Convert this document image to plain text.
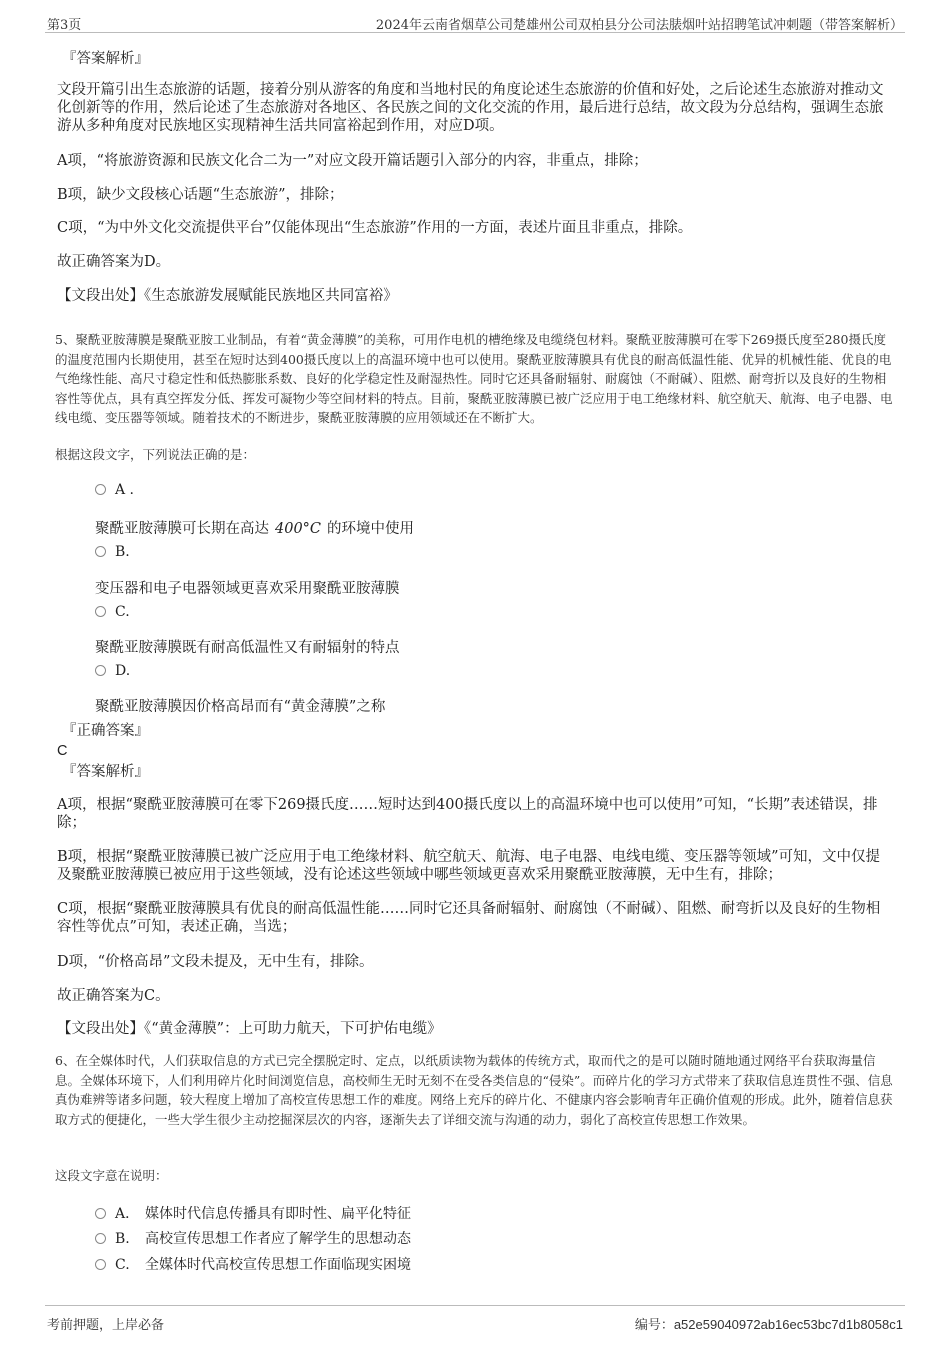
第3页	2024年云南省烟草公司楚雄州公司双柏县分公司法脿烟叶站招聘笔试冲刺题（带答案解析）

『答案解析』

文段开篇引出生态旅游的话题，接着分别从游客的角度和当地村民的角度论述生态旅游的价值和好处，之后论述生态旅游对推动文化创新等的作用，然后论述了生态旅游对各地区、各民族之间的文化交流的作用，最后进行总结，故文段为分总结构，强调生态旅游从多种角度对民族地区实现精神生活共同富裕起到作用，对应D项。

A项，“将旅游资源和民族文化合二为一”对应文段开篇话题引入部分的内容，非重点，排除；

B项，缺少文段核心话题“生态旅游”，排除；

C项，“为中外文化交流提供平台”仅能体现出“生态旅游”作用的一方面，表述片面且非重点，排除。

故正确答案为D。

【文段出处】《生态旅游发展赋能民族地区共同富裕》

5、聚酰亚胺薄膜是聚酰亚胺工业制品，有着“黄金薄膜”的美称，可用作电机的槽绝缘及电缆绕包材料。聚酰亚胺薄膜可在零下269摄氏度至280摄氏度的温度范围内长期使用，甚至在短时达到400摄氏度以上的高温环境中也可以使用。聚酰亚胺薄膜具有优良的耐高低温性能、优异的机械性能、优良的电气绝缘性能、高尺寸稳定性和低热膨胀系数、良好的化学稳定性及耐湿热性。同时它还具备耐辐射、耐腐蚀（不耐碱）、阻燃、耐弯折以及良好的生物相容性等优点，具有真空挥发分低、挥发可凝物少等空间材料的特点。目前，聚酰亚胺薄膜已被广泛应用于电工绝缘材料、航空航天、航海、电子电器、电线电缆、变压器等领域。随着技术的不断进步，聚酰亚胺薄膜的应用领域还在不断扩大。

根据这段文字，下列说法正确的是：

A .

聚酰亚胺薄膜可长期在高达 400°C 的环境中使用

B.

变压器和电子电器领域更喜欢采用聚酰亚胺薄膜

C.

聚酰亚胺薄膜既有耐高低温性又有耐辐射的特点

D.

聚酰亚胺薄膜因价格高昂而有“黄金薄膜”之称

『正确答案』

C

『答案解析』

A项，根据“聚酰亚胺薄膜可在零下269摄氏度……短时达到400摄氏度以上的高温环境中也可以使用”可知，“长期”表述错误，排除；

B项，根据“聚酰亚胺薄膜已被广泛应用于电工绝缘材料、航空航天、航海、电子电器、电线电缆、变压器等领域”可知，文中仅提及聚酰亚胺薄膜已被应用于这些领域，没有论述这些领域中哪些领域更喜欢采用聚酰亚胺薄膜，无中生有，排除；

C项，根据“聚酰亚胺薄膜具有优良的耐高低温性能……同时它还具备耐辐射、耐腐蚀（不耐碱）、阻燃、耐弯折以及良好的生物相容性等优点”可知，表述正确，当选；

D项，“价格高昂”文段未提及，无中生有，排除。

故正确答案为C。

【文段出处】《“黄金薄膜”：上可助力航天，下可护佑电缆》

6、在全媒体时代，人们获取信息的方式已完全摆脱定时、定点，以纸质读物为载体的传统方式，取而代之的是可以随时随地通过网络平台获取海量信息。全媒体环境下，人们利用碎片化时间浏览信息，高校师生无时无刻不在受各类信息的“侵染”。而碎片化的学习方式带来了获取信息连贯性不强、信息真伪难辨等诸多问题，较大程度上增加了高校宣传思想工作的难度。网络上充斥的碎片化、不健康内容会影响青年正确价值观的形成。此外，随着信息获取方式的便捷化，一些大学生很少主动挖掘深层次的内容，逐渐失去了详细交流与沟通的动力，弱化了高校宣传思想工作效果。

这段文字意在说明：

A． 媒体时代信息传播具有即时性、扁平化特征
B. 高校宣传思想工作者应了解学生的思想动态
C. 全媒体时代高校宣传思想工作面临现实困境
考前押题，上岸必备	编号：a52e59040972ab16ec53bc7d1b8058c1
